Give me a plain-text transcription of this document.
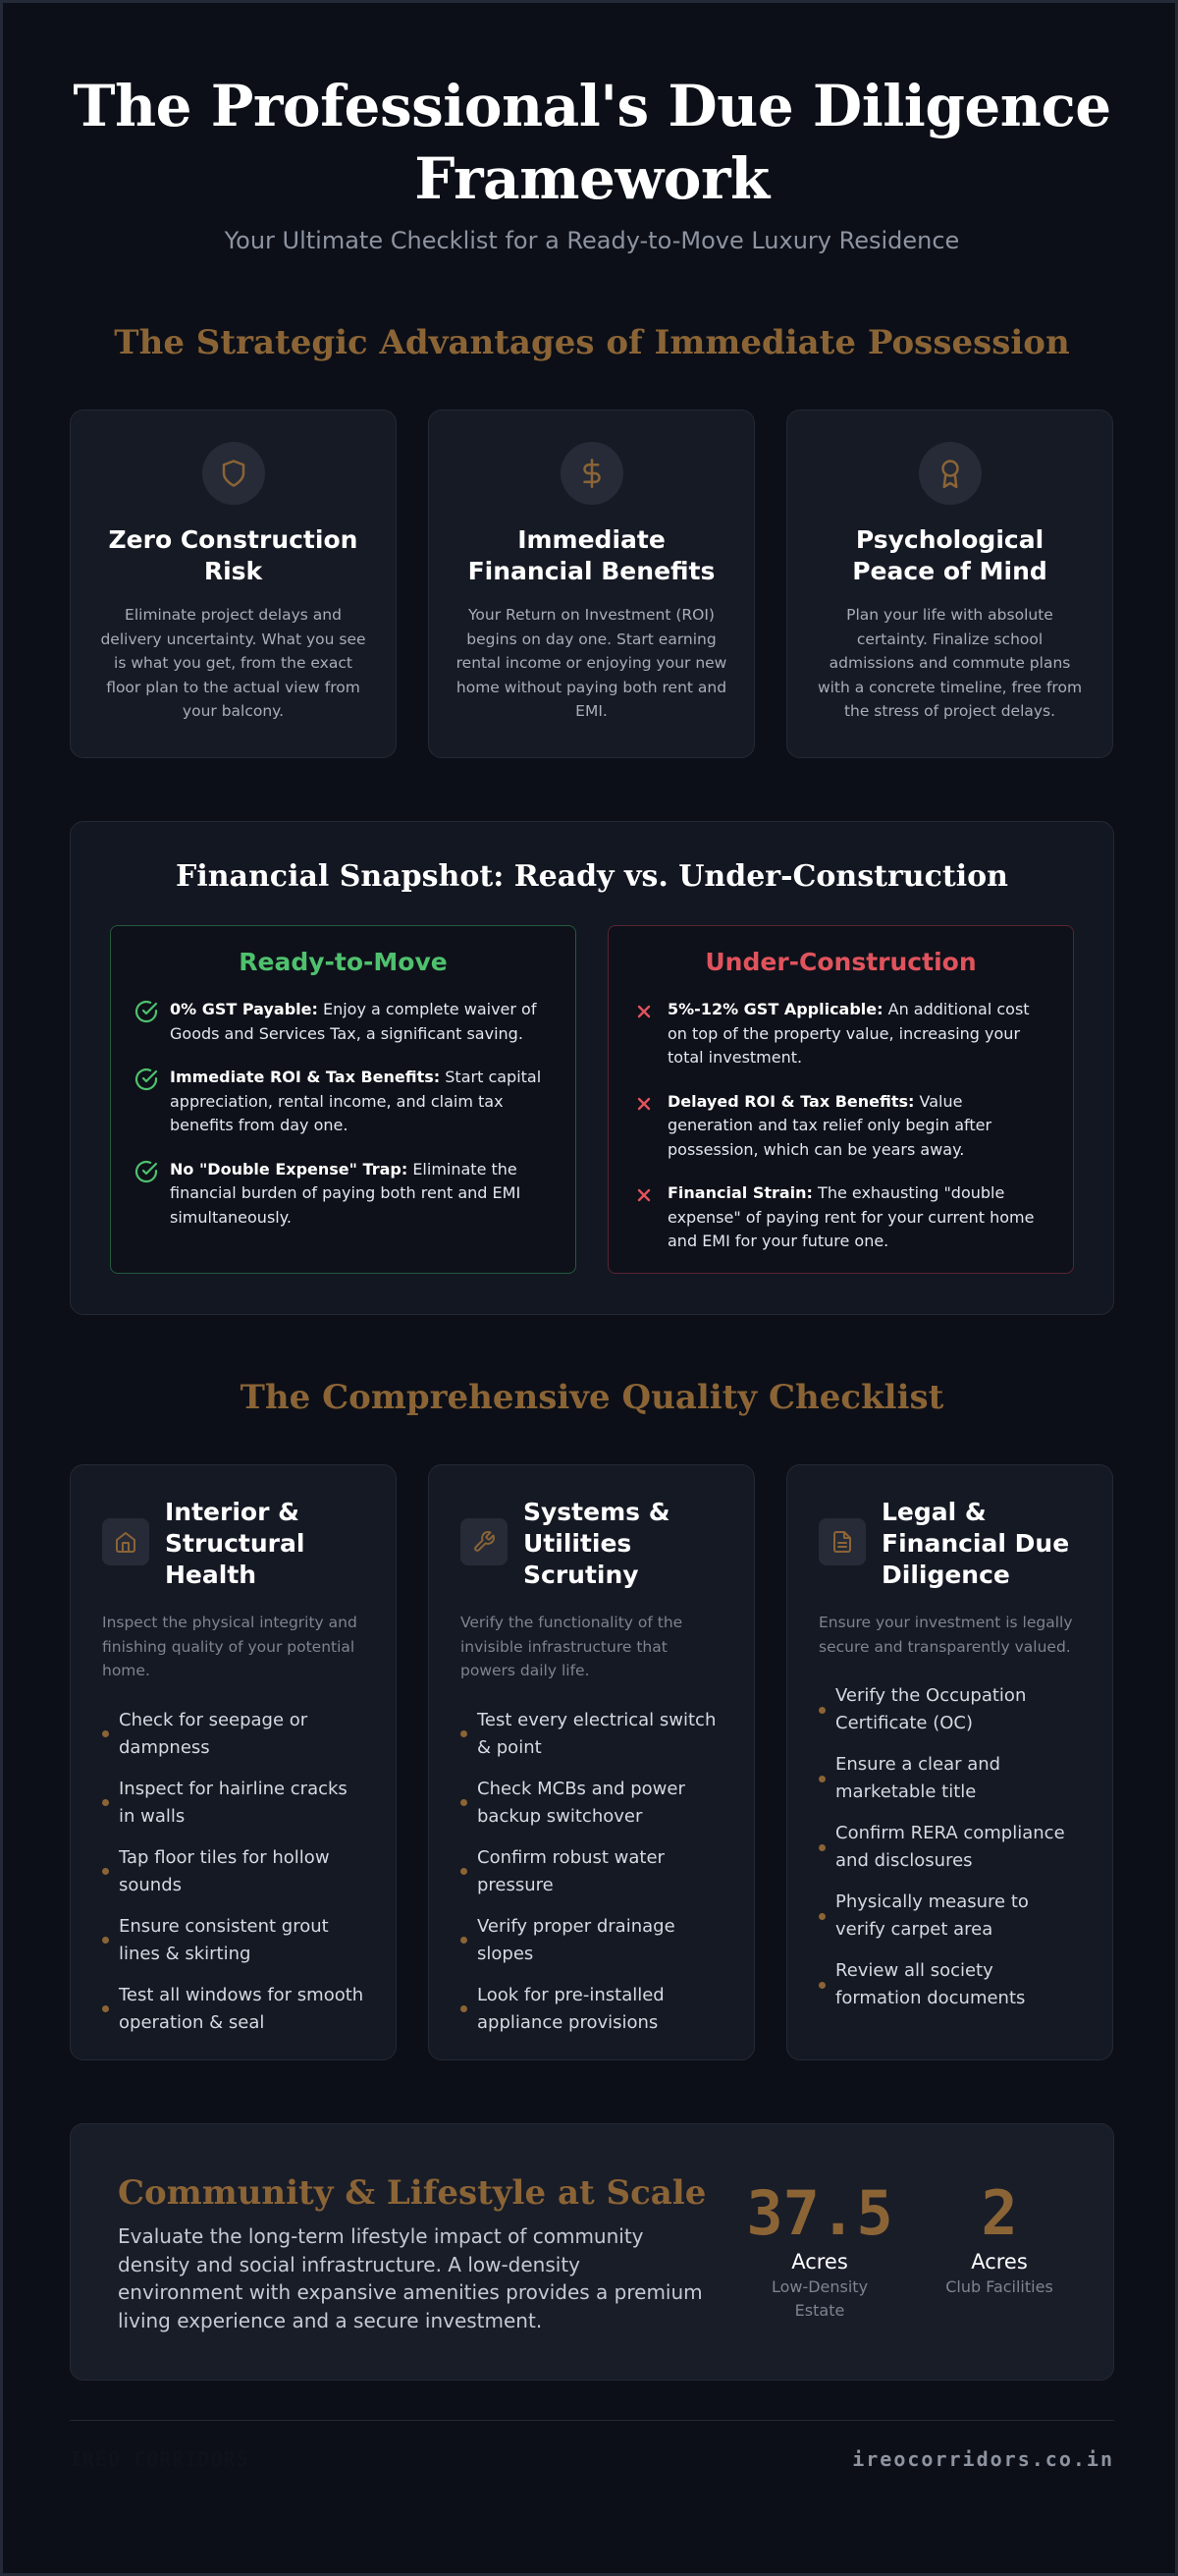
The Professional's Due Diligence Framework
Your Ultimate Checklist for a Ready-to-Move Luxury Residence
The Strategic Advantages of Immediate Possession
Zero Construction Risk

Eliminate project delays and delivery uncertainty. What you see is what you get, from the exact floor plan to the actual view from your balcony.

Immediate Financial Benefits

Your Return on Investment (ROI) begins on day one. Start earning rental income or enjoying your new home without paying both rent and EMI.

Psychological Peace of Mind

Plan your life with absolute certainty. Finalize school admissions and commute plans with a concrete timeline, free from the stress of project delays.

Financial Snapshot: Ready vs. Under-Construction
Ready-to-Move
0% GST Payable: Enjoy a complete waiver of Goods and Services Tax, a significant saving.
Immediate ROI & Tax Benefits: Start capital appreciation, rental income, and claim tax benefits from day one.
No "Double Expense" Trap: Eliminate the financial burden of paying both rent and EMI simultaneously.
Under-Construction
5%-12% GST Applicable: An additional cost on top of the property value, increasing your total investment.
Delayed ROI & Tax Benefits: Value generation and tax relief only begin after possession, which can be years away.
Financial Strain: The exhausting "double expense" of paying rent for your current home and EMI for your future one.
The Comprehensive Quality Checklist
Interior & Structural Health

Inspect the physical integrity and finishing quality of your potential home.

Check for seepage or dampness
Inspect for hairline cracks in walls
Tap floor tiles for hollow sounds
Ensure consistent grout lines & skirting
Test all windows for smooth operation & seal
Systems & Utilities Scrutiny

Verify the functionality of the invisible infrastructure that powers daily life.

Test every electrical switch & point
Check MCBs and power backup switchover
Confirm robust water pressure
Verify proper drainage slopes
Look for pre-installed appliance provisions
Legal & Financial Due Diligence

Ensure your investment is legally secure and transparently valued.

Verify the Occupation Certificate (OC)
Ensure a clear and marketable title
Confirm RERA compliance and disclosures
Physically measure to verify carpet area
Review all society formation documents
Community & Lifestyle at Scale

Evaluate the long-term lifestyle impact of community density and social infrastructure. A low-density environment with expansive amenities provides a premium living experience and a secure investment.

37.5
Acres
Low-Density Estate
2
Acres
Club Facilities
IREO CORRIDORS	ireocorridors.co.in
